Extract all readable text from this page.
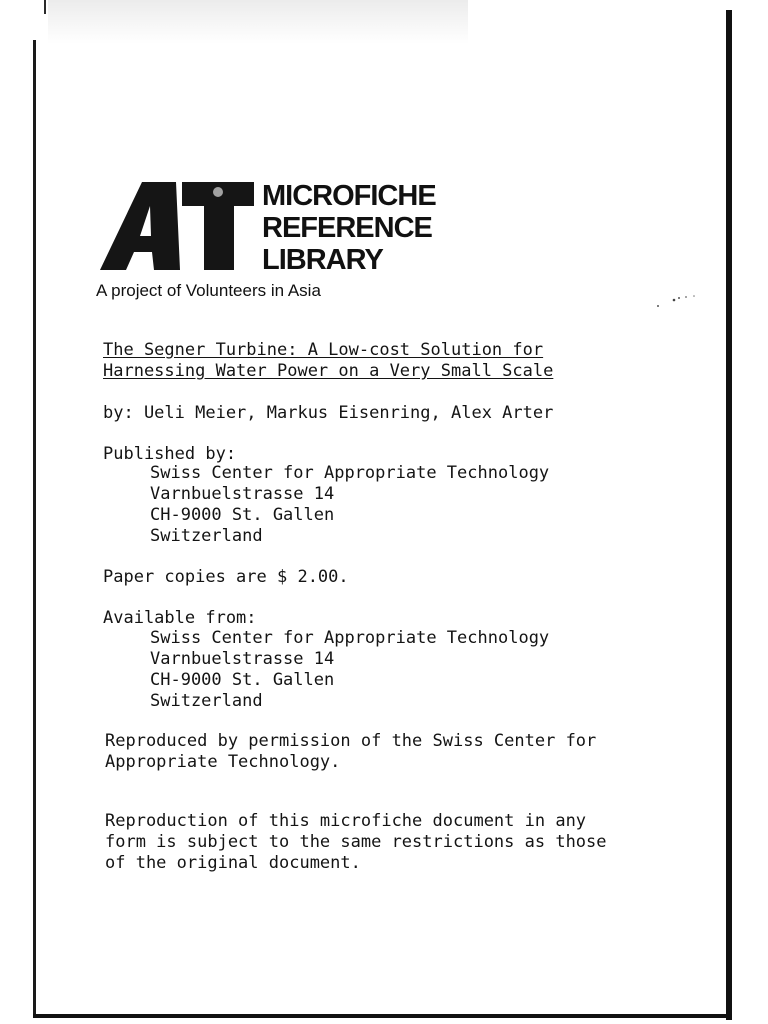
MICROFICHE
REFERENCE
LIBRARY
A project of Volunteers in Asia
The Segner Turbine: A Low-cost Solution for
Harnessing Water Power on a Very Small Scale
by: Ueli Meier, Markus Eisenring, Alex Arter
Published by:
Swiss Center for Appropriate Technology
Varnbuelstrasse 14
CH-9000 St. Gallen
Switzerland
Paper copies are $ 2.00.
Available from:
Swiss Center for Appropriate Technology
Varnbuelstrasse 14
CH-9000 St. Gallen
Switzerland
Reproduced by permission of the Swiss Center for
Appropriate Technology.
Reproduction of this microfiche document in any
form is subject to the same restrictions as those
of the original document.
